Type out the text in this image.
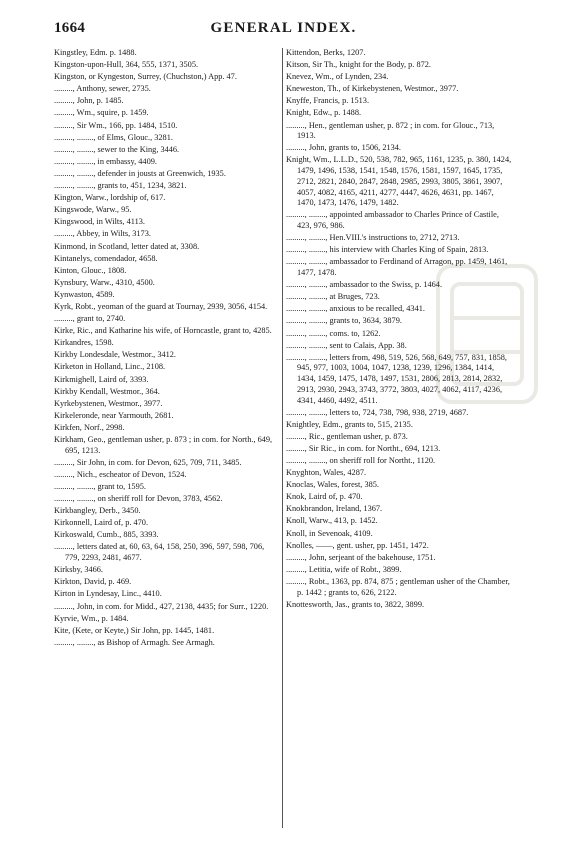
1664	GENERAL INDEX.

Kingstley, Edm. p. 1488.

Kingston-upon-Hull, 364, 555, 1371, 3505.

Kingston, or Kyngeston, Surrey, (Chuchston,) App. 47.

........., Anthony, sewer, 2735.

........., John, p. 1485.

........., Wm., squire, p. 1459.

........., Sir Wm., 166, pp. 1484, 1510.

........., ........, of Elms, Glouc., 3281.

........., ........, sewer to the King, 3446.

........., ........, in embassy, 4409.

........., ........, defender in jousts at Greenwich, 1935.

........., ........, grants to, 451, 1234, 3821.

Kington, Warw., lordship of, 617.

Kingswode, Warw., 95.

Kingswood, in Wilts, 4113.

........., Abbey, in Wilts, 3173.

Kinmond, in Scotland, letter dated at, 3308.

Kintanelys, comendador, 4658.

Kinton, Glouc., 1808.

Kynsbury, Warw., 4310, 4500.

Kynwaston, 4589.

Kyrk, Robt., yeoman of the guard at Tournay, 2939, 3056, 4154.

........., grant to, 2740.

Kirke, Ric., and Katharine his wife, of Horncastle, grant to, 4285.

Kirkandres, 1598.

Kirkby Londesdale, Westmor., 3412.

Kirketon in Holland, Linc., 2108.

Kirkmighell, Laird of, 3393.

Kirkby Kendall, Westmor., 364.

Kyrkebystenen, Westmor., 3977.

Kirkeleronde, near Yarmouth, 2681.

Kirkfen, Norf., 2998.

Kirkham, Geo., gentleman usher, p. 873 ; in com. for North., 649, 695, 1213.

........., Sir John, in com. for Devon, 625, 709, 711, 3485.

........., Nich., escheator of Devon, 1524.

........., ........, grant to, 1595.

........., ........, on sheriff roll for Devon, 3783, 4562.

Kirkbangley, Derb., 3450.

Kirkonnell, Laird of, p. 470.

Kirkoswald, Cumb., 885, 3393.

........., letters dated at, 60, 63, 64, 158, 250, 396, 597, 598, 706, 779, 2293, 2481, 4677.

Kirksby, 3466.

Kirkton, David, p. 469.

Kirton in Lyndesay, Linc., 4410.

........., John, in com. for Midd., 427, 2138, 4435; for Surr., 1220.

Kyrvie, Wm., p. 1484.

Kite, (Kete, or Keyte,) Sir John, pp. 1445, 1481.

........., ........, as Bishop of Armagh. See Armagh.

Kittendon, Berks, 1207.

Kitson, Sir Th., knight for the Body, p. 872.

Knevez, Wm., of Lynden, 234.

Kneweston, Th., of Kirkebystenen, Westmor., 3977.

Knyffe, Francis, p. 1513.

Knight, Edw., p. 1488.

........., Hen., gentleman usher, p. 872 ; in com. for Glouc., 713, 1913.

........., John, grants to, 1506, 2134.

Knight, Wm., L.L.D., 520, 538, 782, 965, 1161, 1235, p. 380, 1424, 1479, 1496, 1538, 1541, 1548, 1576, 1581, 1597, 1645, 1735, 2712, 2821, 2840, 2847, 2848, 2985, 2993, 3805, 3861, 3907, 4057, 4082, 4165, 4211, 4277, 4447, 4626, 4631, pp. 1467, 1470, 1473, 1476, 1479, 1482.

........., ........, appointed ambassador to Charles Prince of Castile, 423, 976, 986.

........., ........, Hen.VIII.'s instructions to, 2712, 2713.

........., ........, his interview with Charles King of Spain, 2813.

........., ........, ambassador to Ferdinand of Arragon, pp. 1459, 1461, 1477, 1478.

........., ........, ambassador to the Swiss, p. 1464.

........., ........, at Bruges, 723.

........., ........, anxious to be recalled, 4341.

........., ........, grants to, 3634, 3879.

........., ........, coms. to, 1262.

........., ........, sent to Calais, App. 38.

........., ........, letters from, 498, 519, 526, 568, 649, 757, 831, 1858, 945, 977, 1003, 1004, 1047, 1238, 1239, 1296, 1384, 1414, 1434, 1459, 1475, 1478, 1497, 1531, 2806, 2813, 2814, 2832, 2913, 2930, 2943, 3743, 3772, 3803, 4027, 4062, 4117, 4236, 4341, 4460, 4492, 4511.

........., ........, letters to, 724, 738, 798, 938, 2719, 4687.

Knightley, Edm., grants to, 515, 2135.

........., Ric., gentleman usher, p. 873.

........., Sir Ric., in com. for Northt., 694, 1213.

........., ........, on sheriff roll for Northt., 1120.

Knyghton, Wales, 4287.

Knoclas, Wales, forest, 385.

Knok, Laird of, p. 470.

Knokbrandon, Ireland, 1367.

Knoll, Warw., 413, p. 1452.

Knoll, in Sevenoak, 4109.

Knolles, ——, gent. usher, pp. 1451, 1472.

........., John, serjeant of the bakehouse, 1751.

........., Letitia, wife of Robt., 3899.

........., Robt., 1363, pp. 874, 875 ; gentleman usher of the Chamber, p. 1442 ; grants to, 626, 2122.

Knottesworth, Jas., grants to, 3822, 3899.
